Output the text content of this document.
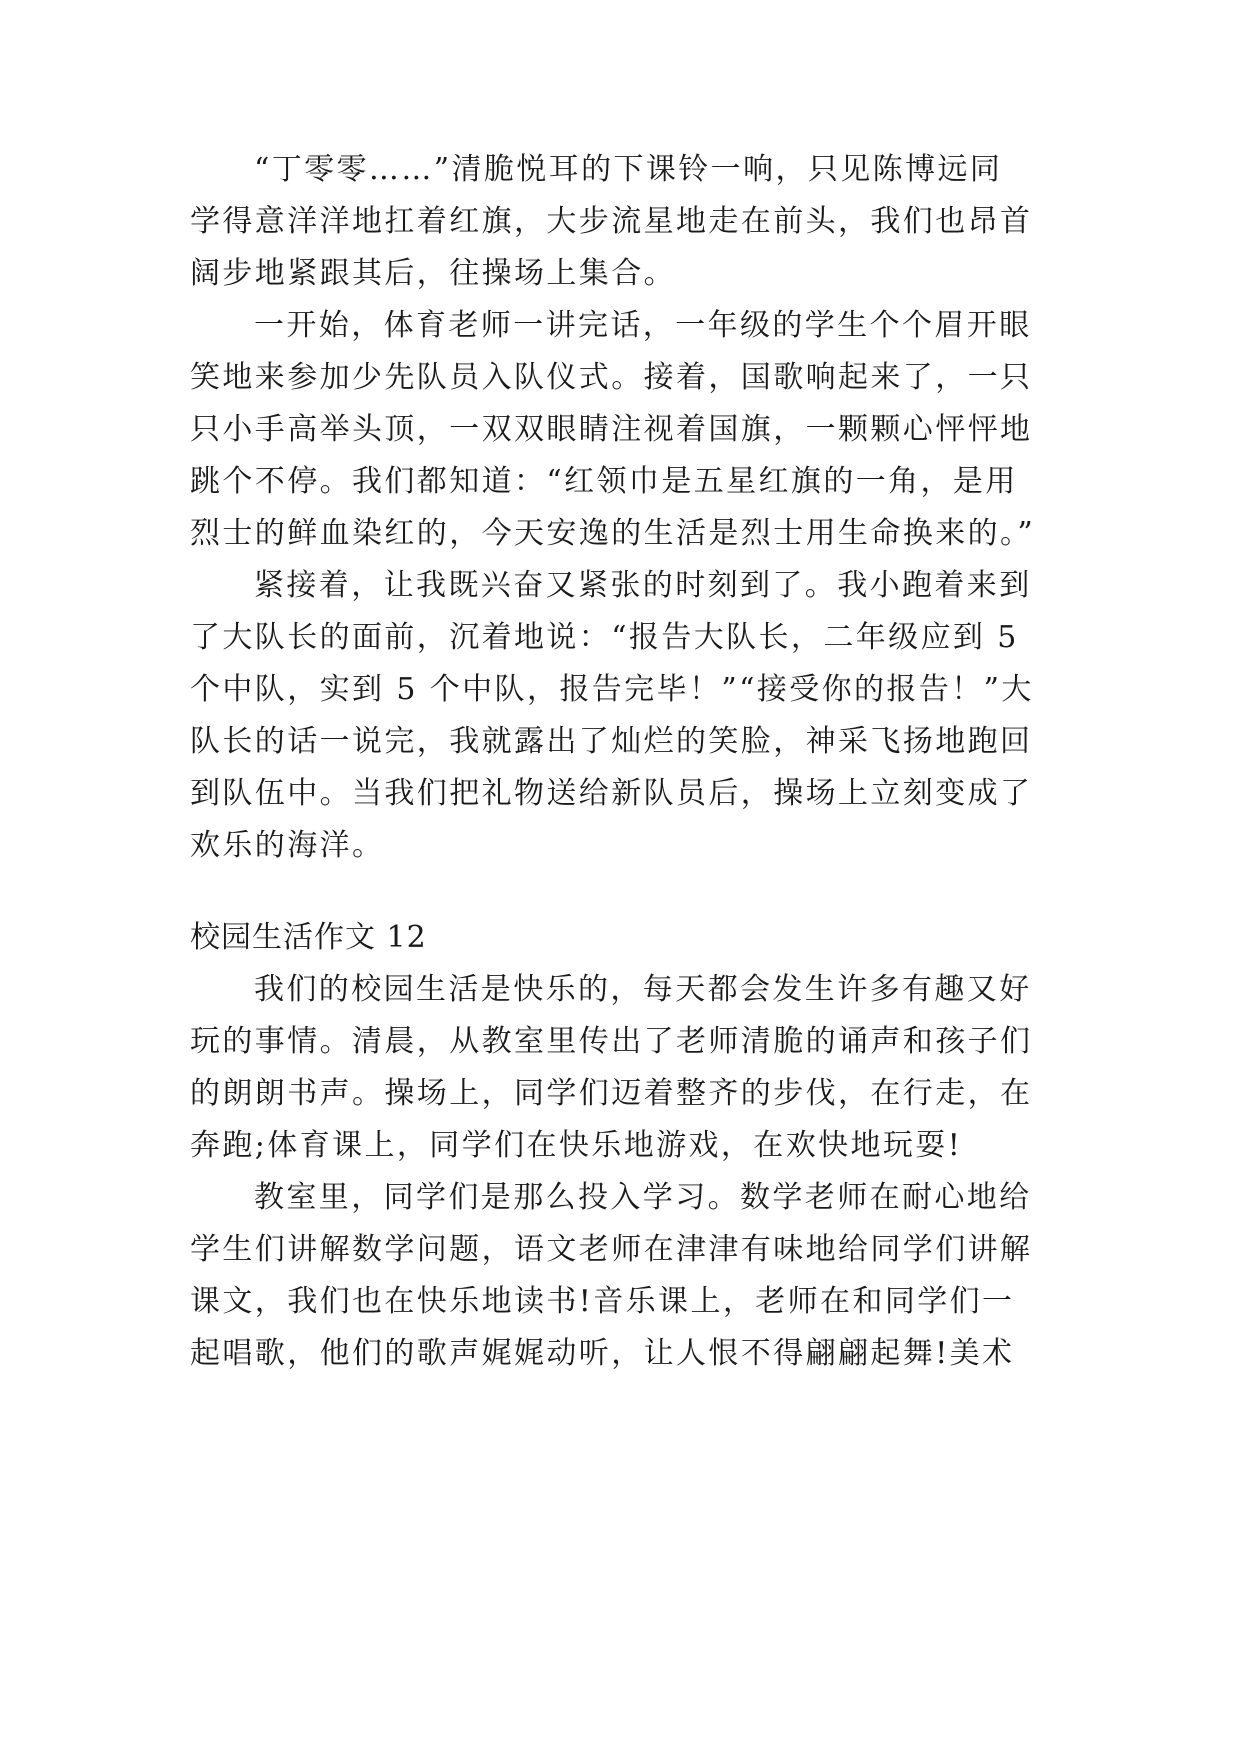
“丁零零……”清脆悦耳的下课铃一响，只见陈博远同
学得意洋洋地扛着红旗，大步流星地走在前头，我们也昂首
阔步地紧跟其后，往操场上集合。
一开始，体育老师一讲完话，一年级的学生个个眉开眼
笑地来参加少先队员入队仪式。接着，国歌响起来了，一只
只小手高举头顶，一双双眼睛注视着国旗，一颗颗心怦怦地
跳个不停。我们都知道：“红领巾是五星红旗的一角，是用
烈士的鲜血染红的，今天安逸的生活是烈士用生命换来的。”
紧接着，让我既兴奋又紧张的时刻到了。我小跑着来到
了大队长的面前，沉着地说：“报告大队长，二年级应到 5
个中队，实到 5 个中队，报告完毕！”“接受你的报告！”大
队长的话一说完，我就露出了灿烂的笑脸，神采飞扬地跑回
到队伍中。当我们把礼物送给新队员后，操场上立刻变成了
欢乐的海洋。
校园生活作文 12
我们的校园生活是快乐的，每天都会发生许多有趣又好
玩的事情。清晨，从教室里传出了老师清脆的诵声和孩子们
的朗朗书声。操场上，同学们迈着整齐的步伐，在行走，在
奔跑;体育课上，同学们在快乐地游戏，在欢快地玩耍!
教室里，同学们是那么投入学习。数学老师在耐心地给
学生们讲解数学问题，语文老师在津津有味地给同学们讲解
课文，我们也在快乐地读书!音乐课上，老师在和同学们一
起唱歌，他们的歌声娓娓动听，让人恨不得翩翩起舞!美术
